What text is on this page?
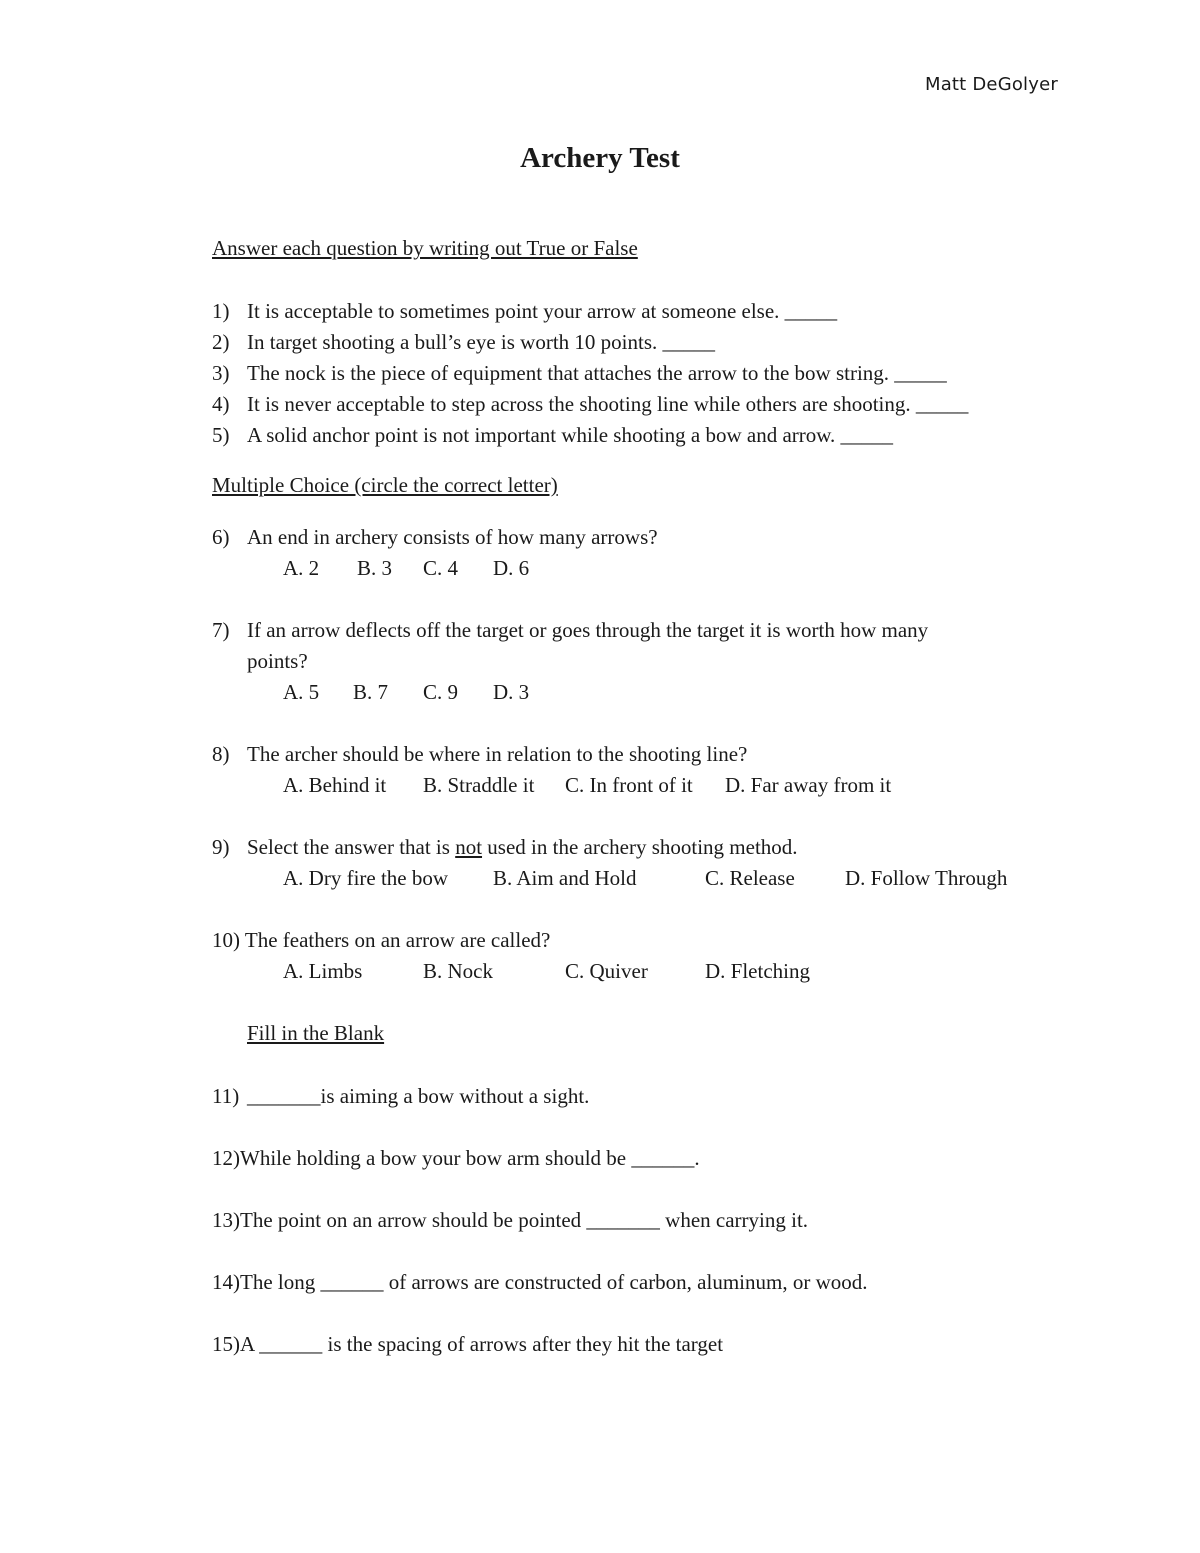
Matt DeGolyer
Archery Test
Answer each question by writing out True or False
1) It is acceptable to sometimes point your arrow at someone else. _____
2) In target shooting a bull’s eye is worth 10 points. _____
3) The nock is the piece of equipment that attaches the arrow to the bow string. _____
4) It is never acceptable to step across the shooting line while others are shooting. _____
5) A solid anchor point is not important while shooting a bow and arrow. _____
Multiple Choice (circle the correct letter)
6) An end in archery consists of how many arrows?
A. 2 B. 3 C. 4 D. 6
7) If an arrow deflects off the target or goes through the target it is worth how many
points?
A. 5 B. 7 C. 9 D. 3
8) The archer should be where in relation to the shooting line?
A. Behind it B. Straddle it C. In front of it D. Far away from it
9) Select the answer that is not used in the archery shooting method.
A. Dry fire the bow B. Aim and Hold	C. Release D. Follow Through
10) The feathers on an arrow are called?
A. Limbs	B. Nock	C. Quiver	D. Fletching
Fill in the Blank
11) _______is aiming a bow without a sight.
12)While holding a bow your bow arm should be ______.
13)The point on an arrow should be pointed _______ when carrying it.
14)The long ______ of arrows are constructed of carbon, aluminum, or wood.
15)A ______ is the spacing of arrows after they hit the target
